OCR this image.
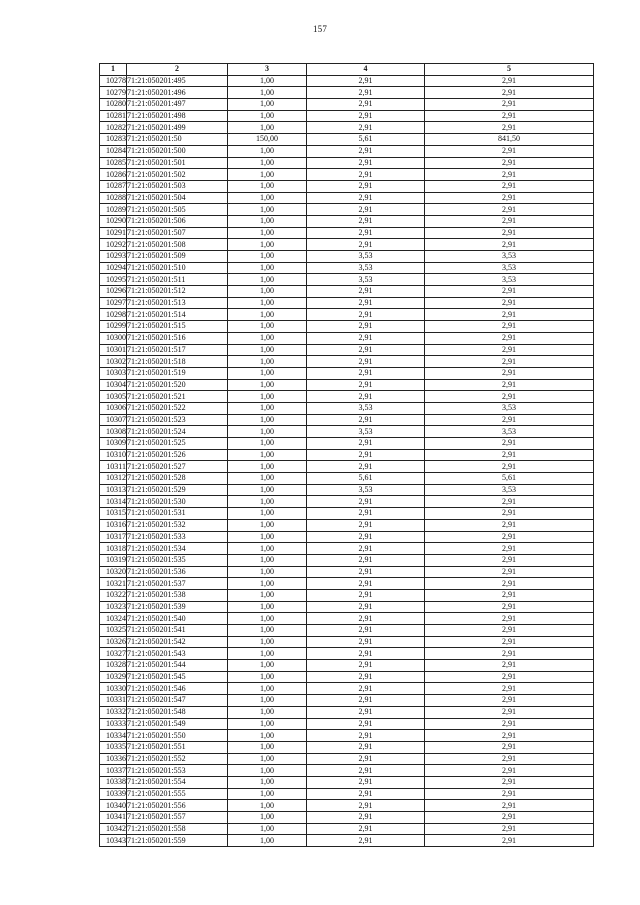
157
1	2	3	4	5
10278	71:21:050201:495	1,00	2,91	2,91
10279	71:21:050201:496	1,00	2,91	2,91
10280	71:21:050201:497	1,00	2,91	2,91
10281	71:21:050201:498	1,00	2,91	2,91
10282	71:21:050201:499	1,00	2,91	2,91
10283	71:21:050201:50	150,00	5,61	841,50
10284	71:21:050201:500	1,00	2,91	2,91
10285	71:21:050201:501	1,00	2,91	2,91
10286	71:21:050201:502	1,00	2,91	2,91
10287	71:21:050201:503	1,00	2,91	2,91
10288	71:21:050201:504	1,00	2,91	2,91
10289	71:21:050201:505	1,00	2,91	2,91
10290	71:21:050201:506	1,00	2,91	2,91
10291	71:21:050201:507	1,00	2,91	2,91
10292	71:21:050201:508	1,00	2,91	2,91
10293	71:21:050201:509	1,00	3,53	3,53
10294	71:21:050201:510	1,00	3,53	3,53
10295	71:21:050201:511	1,00	3,53	3,53
10296	71:21:050201:512	1,00	2,91	2,91
10297	71:21:050201:513	1,00	2,91	2,91
10298	71:21:050201:514	1,00	2,91	2,91
10299	71:21:050201:515	1,00	2,91	2,91
10300	71:21:050201:516	1,00	2,91	2,91
10301	71:21:050201:517	1,00	2,91	2,91
10302	71:21:050201:518	1,00	2,91	2,91
10303	71:21:050201:519	1,00	2,91	2,91
10304	71:21:050201:520	1,00	2,91	2,91
10305	71:21:050201:521	1,00	2,91	2,91
10306	71:21:050201:522	1,00	3,53	3,53
10307	71:21:050201:523	1,00	2,91	2,91
10308	71:21:050201:524	1,00	3,53	3,53
10309	71:21:050201:525	1,00	2,91	2,91
10310	71:21:050201:526	1,00	2,91	2,91
10311	71:21:050201:527	1,00	2,91	2,91
10312	71:21:050201:528	1,00	5,61	5,61
10313	71:21:050201:529	1,00	3,53	3,53
10314	71:21:050201:530	1,00	2,91	2,91
10315	71:21:050201:531	1,00	2,91	2,91
10316	71:21:050201:532	1,00	2,91	2,91
10317	71:21:050201:533	1,00	2,91	2,91
10318	71:21:050201:534	1,00	2,91	2,91
10319	71:21:050201:535	1,00	2,91	2,91
10320	71:21:050201:536	1,00	2,91	2,91
10321	71:21:050201:537	1,00	2,91	2,91
10322	71:21:050201:538	1,00	2,91	2,91
10323	71:21:050201:539	1,00	2,91	2,91
10324	71:21:050201:540	1,00	2,91	2,91
10325	71:21:050201:541	1,00	2,91	2,91
10326	71:21:050201:542	1,00	2,91	2,91
10327	71:21:050201:543	1,00	2,91	2,91
10328	71:21:050201:544	1,00	2,91	2,91
10329	71:21:050201:545	1,00	2,91	2,91
10330	71:21:050201:546	1,00	2,91	2,91
10331	71:21:050201:547	1,00	2,91	2,91
10332	71:21:050201:548	1,00	2,91	2,91
10333	71:21:050201:549	1,00	2,91	2,91
10334	71:21:050201:550	1,00	2,91	2,91
10335	71:21:050201:551	1,00	2,91	2,91
10336	71:21:050201:552	1,00	2,91	2,91
10337	71:21:050201:553	1,00	2,91	2,91
10338	71:21:050201:554	1,00	2,91	2,91
10339	71:21:050201:555	1,00	2,91	2,91
10340	71:21:050201:556	1,00	2,91	2,91
10341	71:21:050201:557	1,00	2,91	2,91
10342	71:21:050201:558	1,00	2,91	2,91
10343	71:21:050201:559	1,00	2,91	2,91
